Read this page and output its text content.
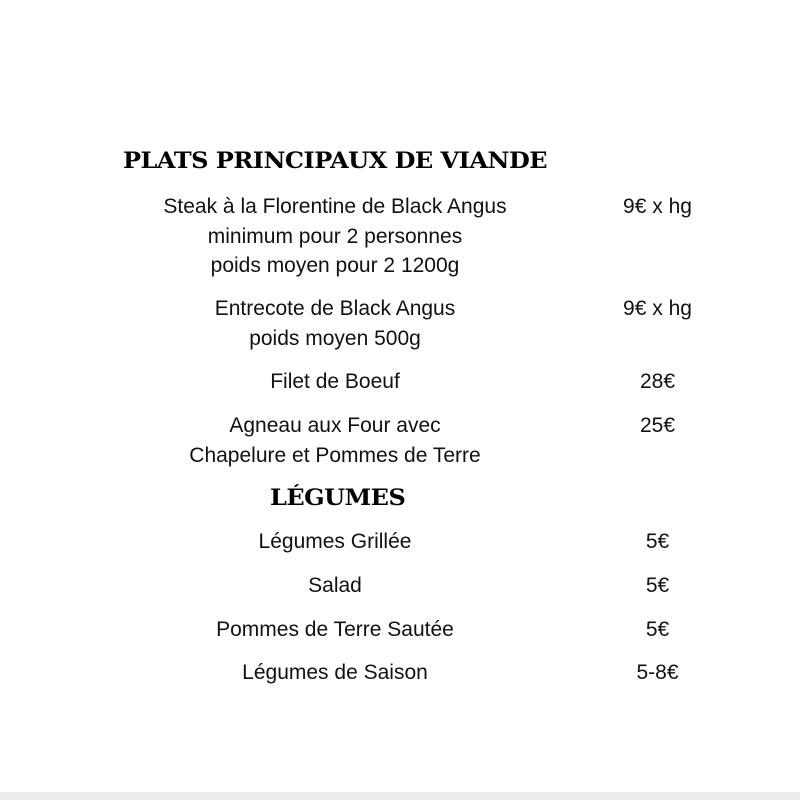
PLATS PRINCIPAUX DE VIANDE
Steak à la Florentine de Black Angus
minimum pour 2 personnes
poids moyen pour 2 1200g
9€ x hg
Entrecote de Black Angus
poids moyen 500g
9€ x hg
Filet de Boeuf	28€
Agneau aux Four avec
Chapelure et Pommes de Terre
25€
LÉGUMES
Légumes Grillée	5€
Salad	5€
Pommes de Terre Sautée	5€
Légumes de Saison	5-8€
